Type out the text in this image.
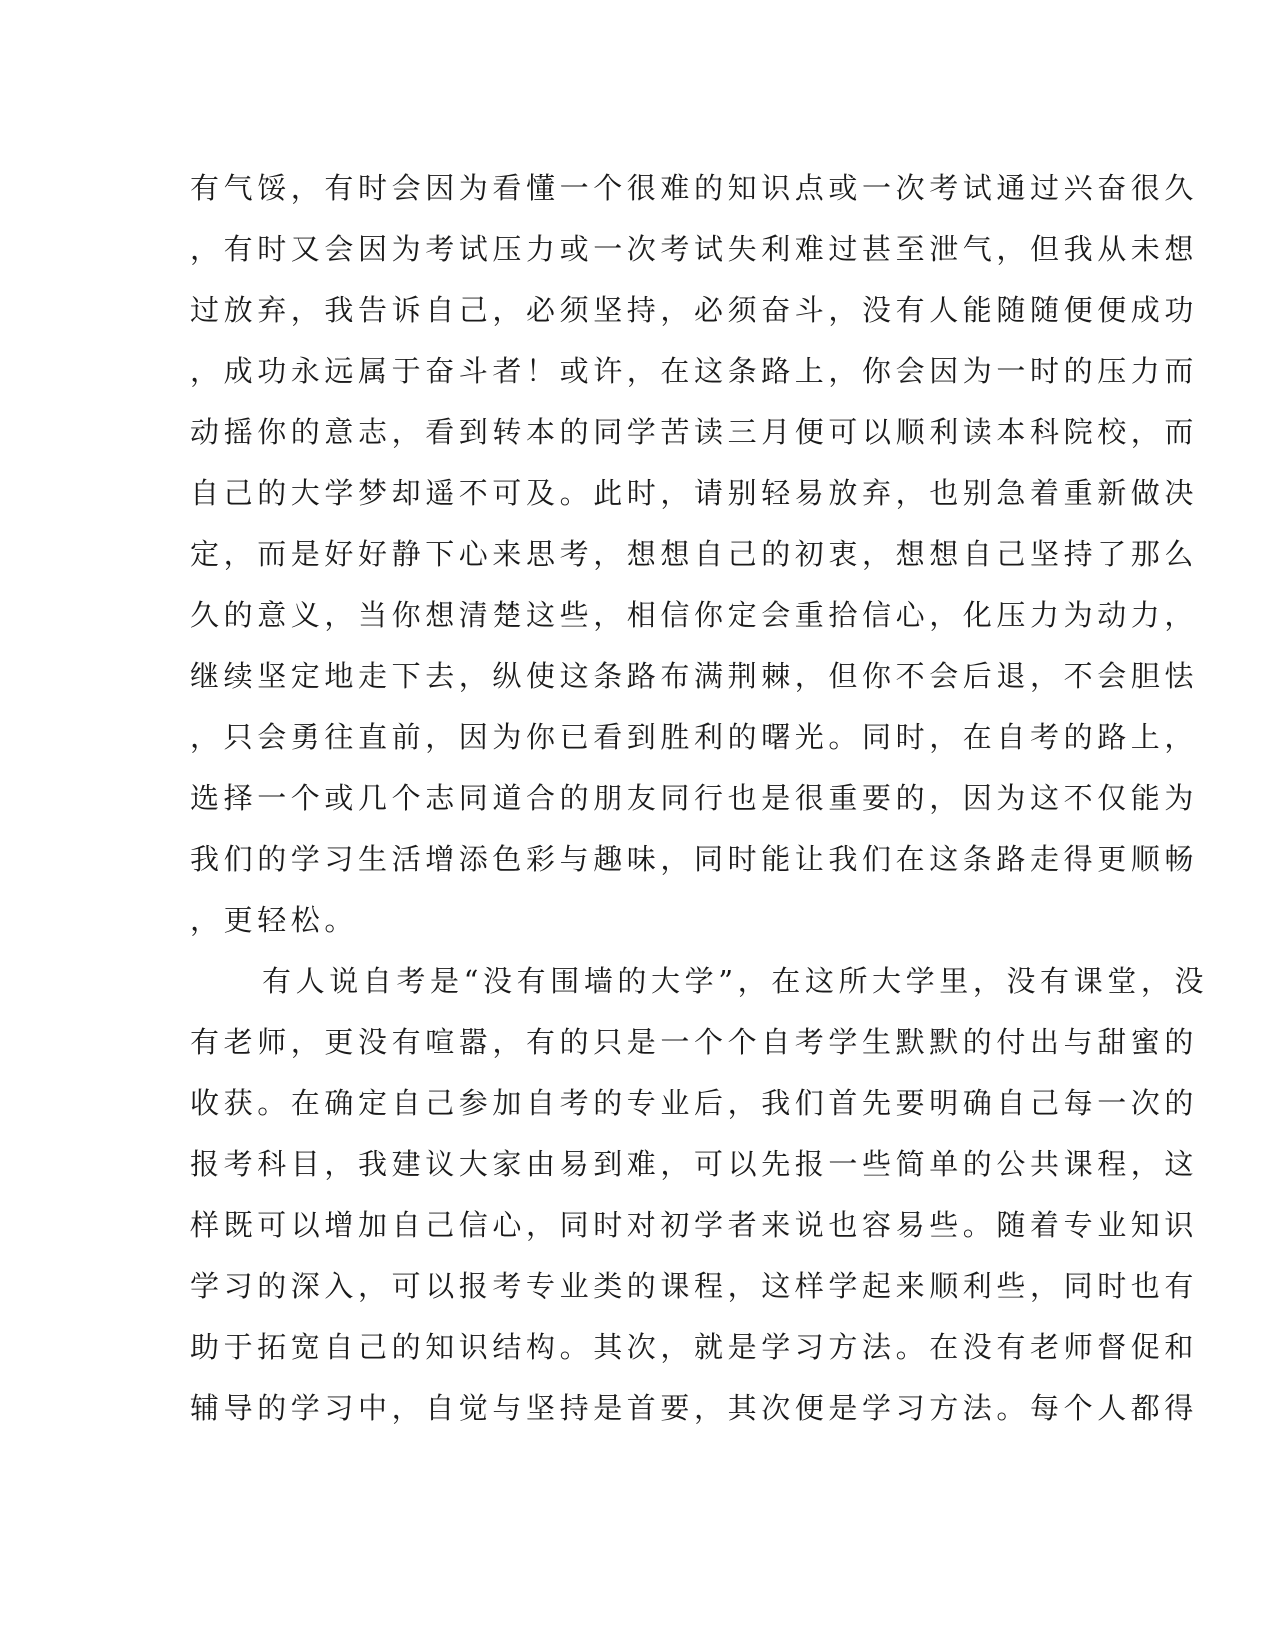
有气馁，有时会因为看懂一个很难的知识点或一次考试通过兴奋很久
，有时又会因为考试压力或一次考试失利难过甚至泄气，但我从未想
过放弃，我告诉自己，必须坚持，必须奋斗，没有人能随随便便成功
，成功永远属于奋斗者！或许，在这条路上，你会因为一时的压力而
动摇你的意志，看到转本的同学苦读三月便可以顺利读本科院校，而
自己的大学梦却遥不可及。此时，请别轻易放弃，也别急着重新做决
定，而是好好静下心来思考，想想自己的初衷，想想自己坚持了那么
久的意义，当你想清楚这些，相信你定会重拾信心，化压力为动力，
继续坚定地走下去，纵使这条路布满荆棘，但你不会后退，不会胆怯
，只会勇往直前，因为你已看到胜利的曙光。同时，在自考的路上，
选择一个或几个志同道合的朋友同行也是很重要的，因为这不仅能为
我们的学习生活增添色彩与趣味，同时能让我们在这条路走得更顺畅
，更轻松。
有人说自考是“没有围墙的大学”，在这所大学里，没有课堂，没
有老师，更没有喧嚣，有的只是一个个自考学生默默的付出与甜蜜的
收获。在确定自己参加自考的专业后，我们首先要明确自己每一次的
报考科目，我建议大家由易到难，可以先报一些简单的公共课程，这
样既可以增加自己信心，同时对初学者来说也容易些。随着专业知识
学习的深入，可以报考专业类的课程，这样学起来顺利些，同时也有
助于拓宽自己的知识结构。其次，就是学习方法。在没有老师督促和
辅导的学习中，自觉与坚持是首要，其次便是学习方法。每个人都得
